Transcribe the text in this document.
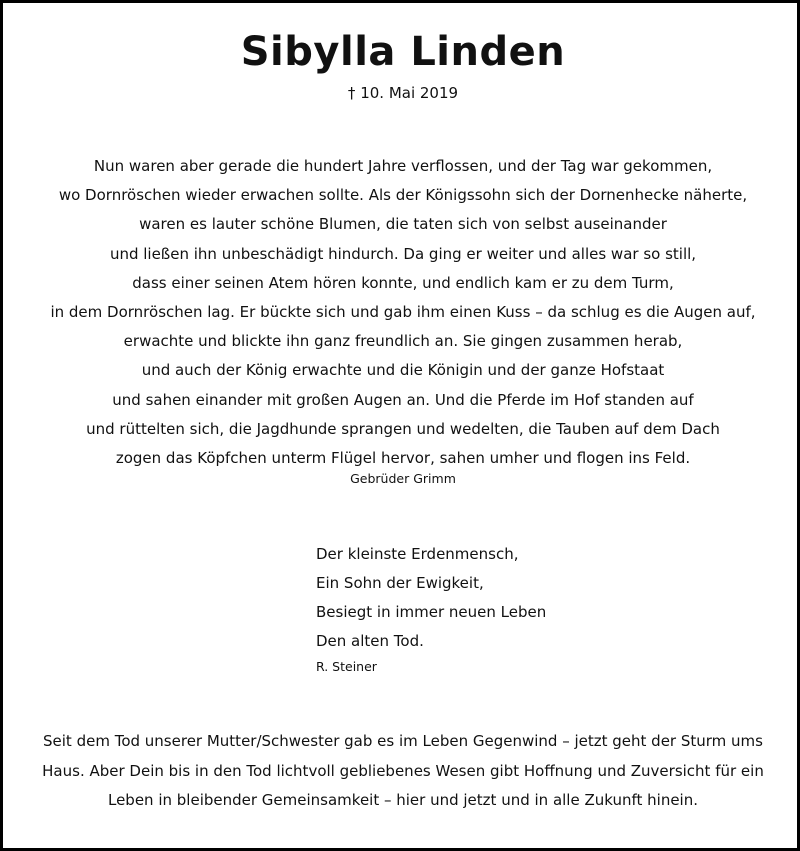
Sibylla Linden
† 10. Mai 2019
Nun waren aber gerade die hundert Jahre verflossen, und der Tag war gekommen,
wo Dornröschen wieder erwachen sollte. Als der Königssohn sich der Dornenhecke näherte,
waren es lauter schöne Blumen, die taten sich von selbst auseinander
und ließen ihn unbeschädigt hindurch. Da ging er weiter und alles war so still,
dass einer seinen Atem hören konnte, und endlich kam er zu dem Turm,
in dem Dornröschen lag. Er bückte sich und gab ihm einen Kuss – da schlug es die Augen auf,
erwachte und blickte ihn ganz freundlich an. Sie gingen zusammen herab,
und auch der König erwachte und die Königin und der ganze Hofstaat
und sahen einander mit großen Augen an. Und die Pferde im Hof standen auf
und rüttelten sich, die Jagdhunde sprangen und wedelten, die Tauben auf dem Dach
zogen das Köpfchen unterm Flügel hervor, sahen umher und flogen ins Feld.
Gebrüder Grimm
Der kleinste Erdenmensch,
Ein Sohn der Ewigkeit,
Besiegt in immer neuen Leben
Den alten Tod.
R. Steiner
Seit dem Tod unserer Mutter/Schwester gab es im Leben Gegenwind – jetzt geht der Sturm ums
Haus. Aber Dein bis in den Tod lichtvoll gebliebenes Wesen gibt Hoffnung und Zuversicht für ein
Leben in bleibender Gemeinsamkeit – hier und jetzt und in alle Zukunft hinein.
